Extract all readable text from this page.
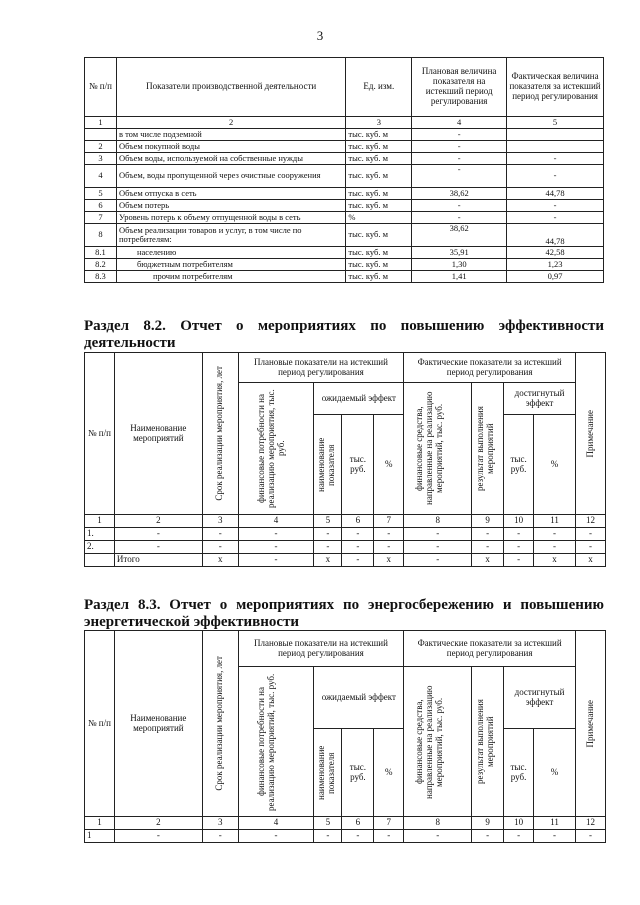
3
№ п/п	Показатели производственной деятельности	Ед. изм.	Плановая величина показателя на истекший период регулирования	Фактическая величина показателя за истекший период регулирования
1	2	3	4	5
	в том числе подземной	тыс. куб. м	-	
2	Объем покупной воды	тыс. куб. м	-	
3	Объем воды, используемой на собственные нужды	тыс. куб. м	-	-
4	Объем, воды пропущенной через очистные сооружения	тыс. куб. м	-	-
5	Объем отпуска в сеть	тыс. куб. м	38,62	44,78
6	Объем потерь	тыс. куб. м	-	-
7	Уровень потерь к объему отпущенной воды в сеть	%	-	-
8	Объем реализации товаров и услуг, в том числе по потребителям:	тыс. куб. м	38,62	44,78
8.1	населению	тыс. куб. м	35,91	42,58
8.2	бюджетным потребителям	тыс. куб. м	1,30	1,23
8.3	прочим потребителям	тыс. куб. м	1,41	0,97
Раздел 8.2. Отчет о мероприятиях по повышению эффективности деятельности
№ п/п	Наименование мероприятий	Срок реализации мероприятия, лет	Плановые показатели на истекший период регулирования				Фактические показатели за истекший период регулирования				Примечание

			финансовые потребности на реализацию мероприятия, тыс. руб.	ожидаемый эффект			финансовые средства, направленные на реализацию мероприятий, тыс. руб.	результат выполнения мероприятий	достигнутый эффект		

				наименование показателя	тыс. руб.	%			тыс. руб.	%	
1	2	3	4	5	6	7	8	9	10	11	12
1.	-	-	-	-	-	-	-	-	-	-	-
2.	-	-	-	-	-	-	-	-	-	-	-
	Итого	х	-	х	-	х	-	х	-	х	х
Раздел 8.3. Отчет о мероприятиях по энергосбережению и повышению энергетической эффективности
№ п/п	Наименование мероприятий	Срок реализации мероприятия, лет	Плановые показатели на истекший период регулирования				Фактические показатели за истекший период регулирования				Примечание

			финансовые потребности на реализацию мероприятий, тыс. руб.	ожидаемый эффект			финансовые средства, направленные на реализацию мероприятий, тыс. руб.	результат выполнения мероприятий	достигнутый эффект		

				наименование показателя	тыс. руб.	%			тыс. руб.	%	
1	2	3	4	5	6	7	8	9	10	11	12
1	-	-	-	-	-	-	-	-	-	-	-
